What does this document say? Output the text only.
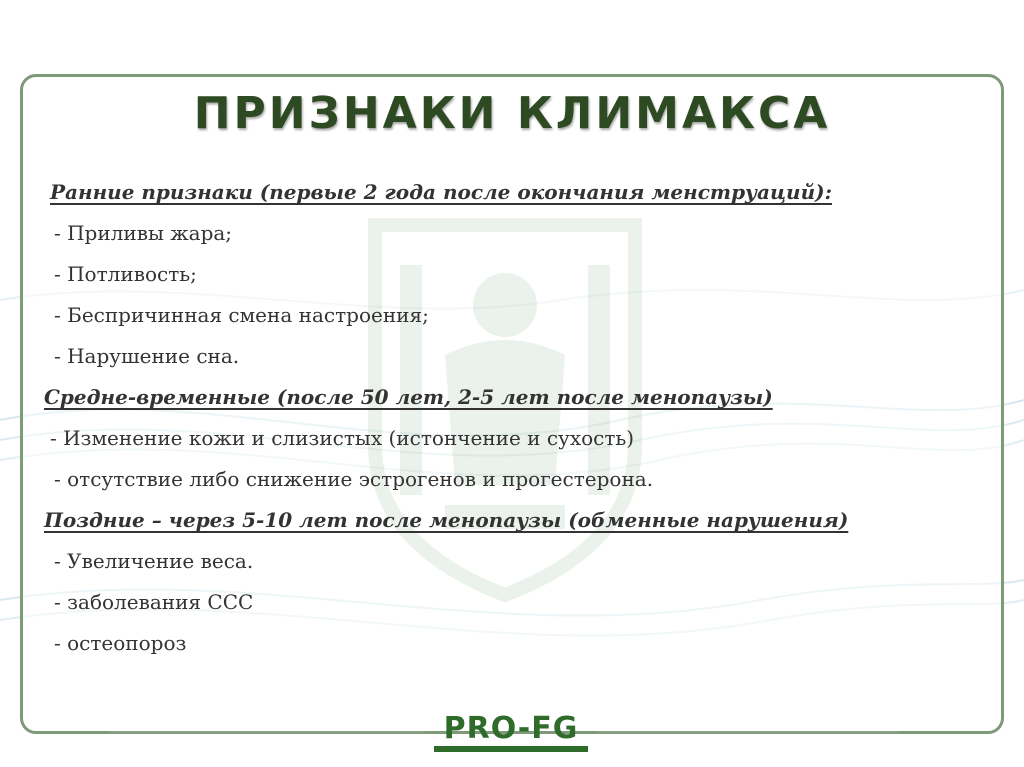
ПРИЗНАКИ КЛИМАКСА
Ранние признаки (первые 2 года после окончания менструаций):
- Приливы жара;
- Потливость;
- Беспричинная смена настроения;
- Нарушение сна.
Средне-временные (после 50 лет, 2-5 лет после менопаузы)
- Изменение кожи и слизистых (истончение и сухость)
- отсутствие либо снижение эстрогенов и прогестерона.
Поздние – через 5-10 лет после менопаузы (обменные нарушения)
- Увеличение веса.
- заболевания ССС
- остеопороз
PRO-FG
